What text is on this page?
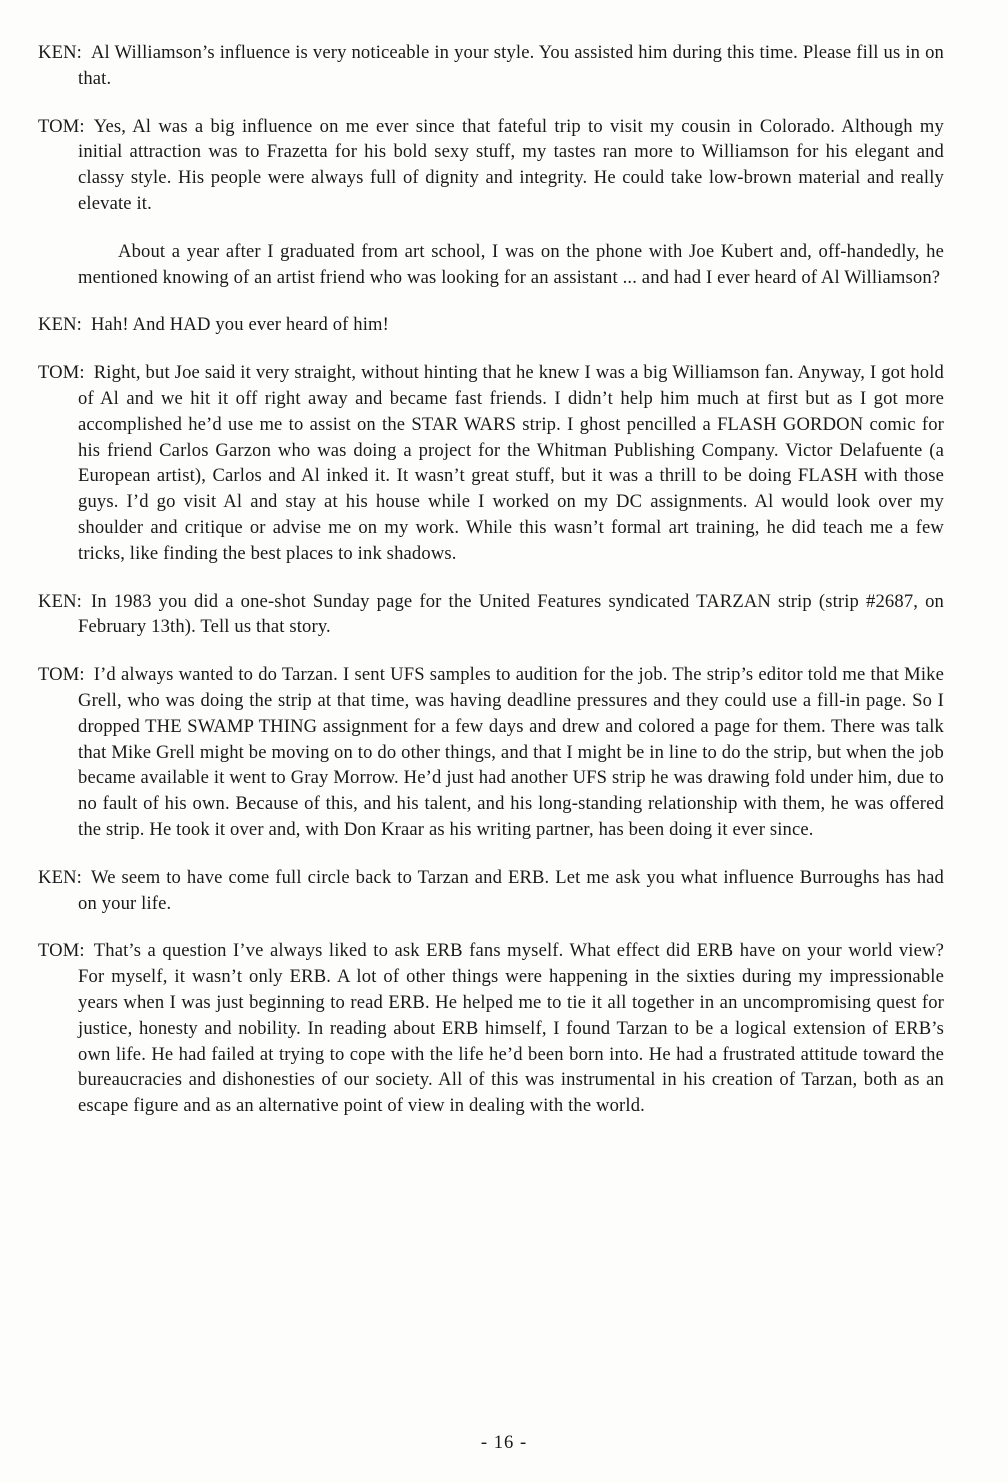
KEN: Al Williamson’s influence is very noticeable in your style. You assisted him during this time. Please fill us in on that.

TOM: Yes, Al was a big influence on me ever since that fateful trip to visit my cousin in Colorado. Although my initial attraction was to Frazetta for his bold sexy stuff, my tastes ran more to Williamson for his elegant and classy style. His people were always full of dignity and integrity. He could take low-brown material and really elevate it.

About a year after I graduated from art school, I was on the phone with Joe Kubert and, off-handedly, he mentioned knowing of an artist friend who was looking for an assistant ... and had I ever heard of Al Williamson?

KEN: Hah! And HAD you ever heard of him!

TOM: Right, but Joe said it very straight, without hinting that he knew I was a big Williamson fan. Anyway, I got hold of Al and we hit it off right away and became fast friends. I didn’t help him much at first but as I got more accomplished he’d use me to assist on the STAR WARS strip. I ghost pencilled a FLASH GORDON comic for his friend Carlos Garzon who was doing a project for the Whitman Publishing Company. Victor Delafuente (a European artist), Carlos and Al inked it. It wasn’t great stuff, but it was a thrill to be doing FLASH with those guys. I’d go visit Al and stay at his house while I worked on my DC assignments. Al would look over my shoulder and critique or advise me on my work. While this wasn’t formal art training, he did teach me a few tricks, like finding the best places to ink shadows.

KEN: In 1983 you did a one-shot Sunday page for the United Features syndicated TARZAN strip (strip #2687, on February 13th). Tell us that story.

TOM: I’d always wanted to do Tarzan. I sent UFS samples to audition for the job. The strip’s editor told me that Mike Grell, who was doing the strip at that time, was having deadline pressures and they could use a fill-in page. So I dropped THE SWAMP THING assignment for a few days and drew and colored a page for them. There was talk that Mike Grell might be moving on to do other things, and that I might be in line to do the strip, but when the job became available it went to Gray Morrow. He’d just had another UFS strip he was drawing fold under him, due to no fault of his own. Because of this, and his talent, and his long-standing relationship with them, he was offered the strip. He took it over and, with Don Kraar as his writing partner, has been doing it ever since.

KEN: We seem to have come full circle back to Tarzan and ERB. Let me ask you what influence Burroughs has had on your life.

TOM: That’s a question I’ve always liked to ask ERB fans myself. What effect did ERB have on your world view? For myself, it wasn’t only ERB. A lot of other things were happening in the sixties during my impressionable years when I was just beginning to read ERB. He helped me to tie it all together in an uncompromising quest for justice, honesty and nobility. In reading about ERB himself, I found Tarzan to be a logical extension of ERB’s own life. He had failed at trying to cope with the life he’d been born into. He had a frustrated attitude toward the bureaucracies and dishonesties of our society. All of this was instrumental in his creation of Tarzan, both as an escape figure and as an alternative point of view in dealing with the world.

- 16 -
